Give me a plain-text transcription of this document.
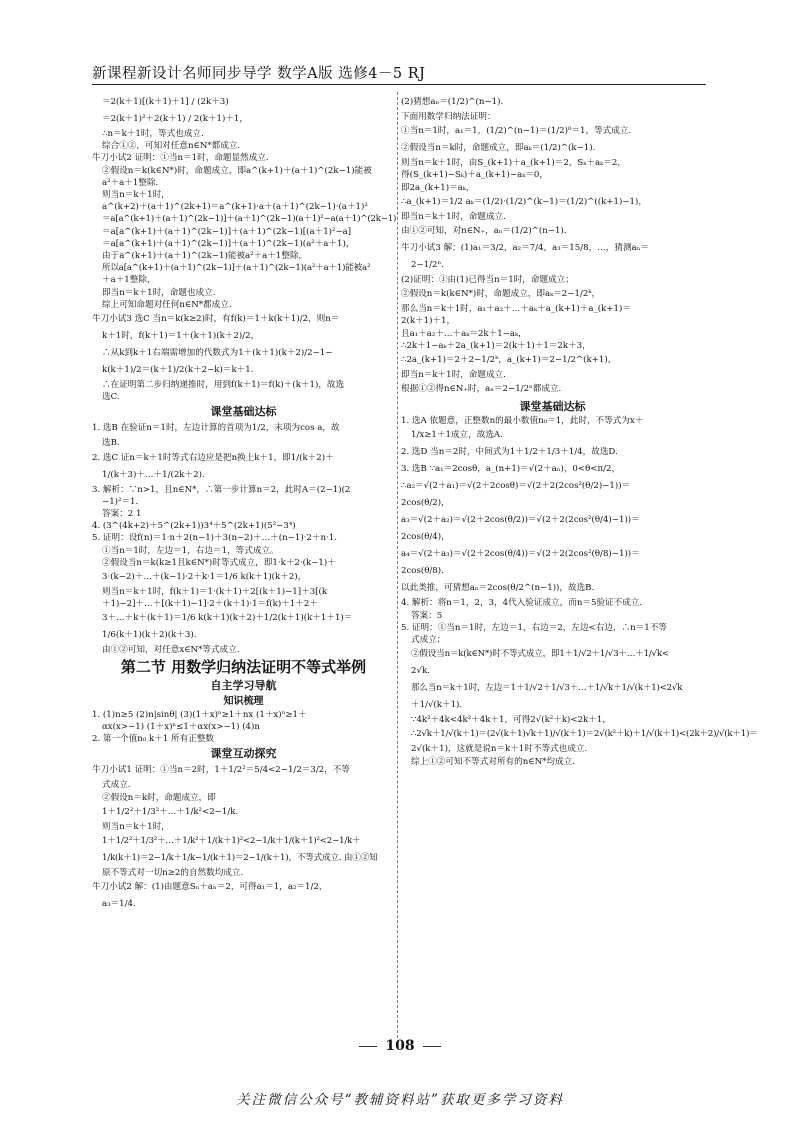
新课程新设计名师同步导学 数学A版 选修4－5 RJ
＝2(k＋1)[(k＋1)＋1] / (2k＋3)
＝2(k＋1)²＋2(k＋1) / 2(k＋1)＋1，
∴n＝k＋1时，等式也成立.
综合①②，可知对任意n∈N*都成立.
牛刀小试2 证明：①当n＝1时，命题显然成立.
②假设n＝k(k∈N*)时，命题成立，即a^(k+1)＋(a＋1)^(2k−1)能被
a²＋a＋1整除.
则当n＝k＋1时，
a^(k+2)＋(a＋1)^(2k+1)＝a^(k+1)·a＋(a＋1)^(2k−1)·(a＋1)²
＝a[a^(k+1)＋(a＋1)^(2k−1)]＋(a＋1)^(2k−1)(a＋1)²−a(a＋1)^(2k−1)
＝a[a^(k+1)＋(a＋1)^(2k−1)]＋(a＋1)^(2k−1)[(a＋1)²−a]
＝a[a^(k+1)＋(a＋1)^(2k−1)]＋(a＋1)^(2k−1)(a²＋a＋1)，
由于a^(k+1)＋(a＋1)^(2k−1)能被a²＋a＋1整除，
所以a[a^(k+1)＋(a＋1)^(2k−1)]＋(a＋1)^(2k−1)(a²＋a＋1)能被a²
＋a＋1整除，
即当n＝k＋1时，命题也成立.
综上可知命题对任何n∈N*都成立.
牛刀小试3 选C 当n＝k(k≥2)时，有f(k)＝1＋k(k＋1)/2，则n＝
k＋1时，f(k＋1)＝1＋(k＋1)(k＋2)/2，
∴从k到k＋1右端需增加的代数式为1＋(k＋1)(k＋2)/2−1−
k(k＋1)/2＝(k＋1)/2(k＋2−k)＝k＋1.
∴在证明第二步归纳递推时，用到f(k＋1)＝f(k)＋(k＋1)，故选
选C.
课堂基础达标
1. 选B 在验证n＝1时，左边计算的首项为1/2，末项为cos a，故
选B.
2. 选C 证n＝k＋1时等式右边应是把n换上k＋1，即1/(k＋2)＋
1/(k＋3)＋…＋1/(2k＋2).
3. 解析：∵n>1，且n∈N*，∴第一步计算n＝2，此时A＝(2−1)(2
−1)²＝1.
答案：2 1
4. (3^(4k+2)＋5^(2k+1))3⁴＋5^(2k+1)(5²−3⁴)
5. 证明：设f(n)＝1·n＋2(n−1)＋3(n−2)＋…＋(n−1)·2＋n·1.
①当n＝1时，左边＝1，右边＝1，等式成立。
②假设当n＝k(k≥1且k∈N*)时等式成立，即1·k＋2·(k−1)＋
3·(k−2)＋…＋(k−1)·2＋k·1＝1/6 k(k＋1)(k＋2)，
则当n＝k＋1时，f(k＋1)＝1·(k＋1)＋2[(k＋1)−1]＋3[(k
＋1)−2]＋…＋[(k＋1)−1]·2＋(k＋1)·1＝f(k)＋1＋2＋
3＋…＋k＋(k＋1)＝1/6 k(k＋1)(k＋2)＋1/2(k＋1)(k＋1＋1)＝
1/6(k＋1)(k＋2)(k＋3).
由①②可知，对任意x∈N*等式成立.
第二节 用数学归纳法证明不等式举例
自主学习导航
知识梳理
1. (1)n≥5 (2)n|sinθ| (3)(1＋x)ⁿ≥1＋nx (1＋x)ⁿ≥1＋
αx(x>−1) (1＋x)ⁿ≤1＋αx(x>−1) (4)n
2. 第一个值n₀ k＋1 所有正整数
课堂互动探究
牛刀小试1 证明：①当n＝2时，1＋1/2²＝5/4<2−1/2＝3/2，不等
式成立.
②假设n＝k时，命题成立，即
1＋1/2²＋1/3²＋…＋1/k²<2−1/k.
则当n＝k＋1时，
1＋1/2²＋1/3²＋…＋1/k²＋1/(k＋1)²<2−1/k＋1/(k＋1)²<2−1/k＋
1/k(k＋1)＝2−1/k＋1/k−1/(k＋1)＝2−1/(k＋1)，不等式成立. 由①②知
原不等式对一切n≥2的自然数均成立.
牛刀小试2 解：(1)由题意Sₙ＋aₙ＝2，可得a₁＝1，a₂＝1/2，
a₃＝1/4.
(2)猜想aₙ＝(1/2)^(n−1).
下面用数学归纳法证明：
①当n＝1时，a₁＝1，(1/2)^(n−1)＝(1/2)⁰＝1，等式成立.
②假设当n＝k时，命题成立，即aₖ＝(1/2)^(k−1).
则当n＝k＋1时，由S_(k+1)＋a_(k+1)＝2，Sₖ＋aₖ＝2，
得(S_(k+1)−Sₖ)＋a_(k+1)−aₖ＝0，
即2a_(k+1)＝aₖ，
∴a_(k+1)＝1/2 aₖ＝(1/2)·(1/2)^(k−1)＝(1/2)^((k+1)−1)，
即当n＝k＋1时，命题成立.
由①②可知，对n∈N₊，aₙ＝(1/2)^(n−1).
牛刀小试3 解：(1)a₁＝3/2，a₂＝7/4，a₃＝15/8，…，猜测aₙ＝
2−1/2ⁿ.
(2)证明：①由(1)已得当n＝1时，命题成立；
②假设n＝k(k∈N*)时，命题成立，即aₖ＝2−1/2ᵏ，
那么当n＝k＋1时，a₁＋a₂＋…＋aₖ＋a_(k+1)＋a_(k+1)＝
2(k＋1)＋1，
且a₁＋a₂＋…＋aₖ＝2k＋1−aₖ，
∴2k＋1−aₖ＋2a_(k+1)＝2(k＋1)＋1＝2k＋3，
∴2a_(k+1)＝2＋2−1/2ᵏ，a_(k+1)＝2−1/2^(k+1)，
即当n＝k＋1时，命题成立.
根据①②得n∈N₊时，aₙ＝2−1/2ⁿ都成立.
课堂基础达标
1. 选A 依题意，正整数n的最小数值n₀＝1，此时，不等式为x＋
1/x≥1＋1成立，故选A.
2. 选D 当n＝2时，中间式为1＋1/2＋1/3＋1/4，故选D.
3. 选B ∵a₁＝2cosθ，a_(n+1)＝√(2＋aₙ)，0<θ<π/2，
∴a₂＝√(2＋a₁)＝√(2＋2cosθ)＝√(2＋2(2cos²(θ/2)−1))＝
2cos(θ/2)，
a₃＝√(2＋a₂)＝√(2＋2cos(θ/2))＝√(2＋2(2cos²(θ/4)−1))＝
2cos(θ/4)，
a₄＝√(2＋a₃)＝√(2＋2cos(θ/4))＝√(2＋2(2cos²(θ/8)−1))＝
2cos(θ/8).
以此类推，可猜想aₙ＝2cos(θ/2^(n−1))，故选B.
4. 解析：将n＝1，2，3，4代入验证成立，而n＝5验证不成立.
答案：5
5. 证明：①当n＝1时，左边＝1，右边＝2，左边<右边，∴n＝1不等
式成立；
②假设当n＝k(k∈N*)时不等式成立，即1＋1/√2＋1/√3＋…＋1/√k<
2√k.
那么当n＝k＋1时，左边＝1＋1/√2＋1/√3＋…＋1/√k＋1/√(k＋1)<2√k
＋1/√(k＋1).
∵4k²＋4k<4k²＋4k＋1，可得2√(k²＋k)<2k＋1，
∴2√k＋1/√(k＋1)＝(2√(k＋1)√k＋1)/√(k＋1)＝2√(k²＋k)＋1/√(k＋1)<(2k＋2)/√(k＋1)＝
2√(k＋1)，这就是说n＝k＋1时不等式也成立.
综上①②可知不等式对所有的n∈N*均成立.
108
关注微信公众号“教辅资料站”获取更多学习资料
